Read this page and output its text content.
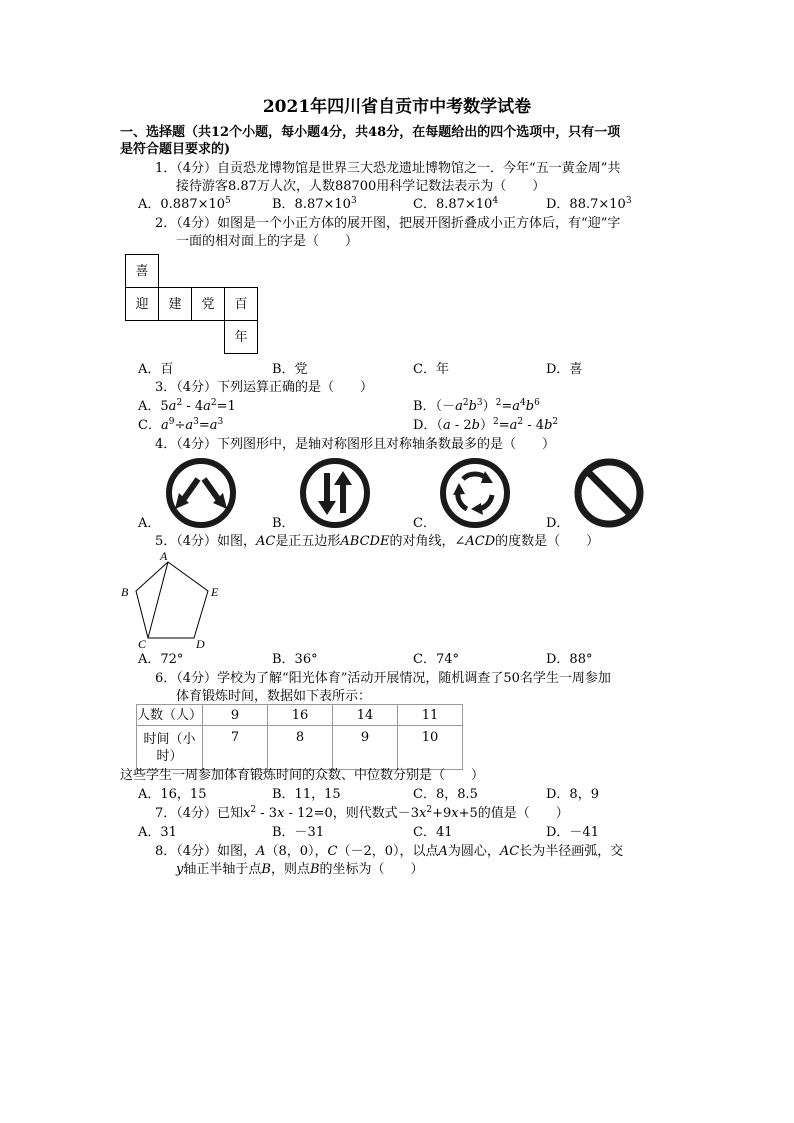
2021年四川省自贡市中考数学试卷
一、选择题（共12个小题，每小题4分，共48分，在每题给出的四个选项中，只有一项
是符合题目要求的)
1．（4分）自贡恐龙博物馆是世界三大恐龙遗址博物馆之一．今年“五一黄金周”共
接待游客8.87万人次，人数88700用科学记数法表示为（　　）
A．$0.887\times 10^5$	B．$8.87\times 10^3$	C．$8.87\times 10^4$	D．$88.7\times 10^3$
2．（4分）如图是一个小正方体的展开图，把展开图折叠成小正方体后，有“迎”字
一面的相对面上的字是（　　）
喜			
迎	建	党	百
			年
A．百	B．党	C．年	D．喜
3．（4分）下列运算正确的是（　　）
A．$5a^2 - 4a^2=1$	B．$(-a^2b^3)^2=a^4b^6$
C．$a^9\div a^3=a^3$	D．$(a - 2b)^2=a^2 - 4b^2$
4．（4分）下列图形中，是轴对称图形且对称轴条数最多的是（　　）
A．	B．	C．	D．
5．（4分）如图，AC是正五边形ABCDE的对角线，∠ACD的度数是（　　）
A
B	E
C	D
A．72°	B．36°	C．74°	D．88°
6．（4分）学校为了解“阳光体育”活动开展情况，随机调查了50名学生一周参加
体育锻炼时间，数据如下表所示：
人数（人）	9	16	14	11
时间（小
时）	7	8	9	10
这些学生一周参加体育锻炼时间的众数、中位数分别是（　　）
A．16，15	B．11，15	C．8，8.5	D．8，9
7．（4分）已知$x^2 - 3x - 12=0$，则代数式$-3x^2+9x+5$的值是（　　）
A．31	B．－31	C．41	D．－41
8．（4分）如图，A（8，0），C（－2，0），以点A为圆心，AC长为半径画弧，交
y轴正半轴于点B，则点B的坐标为（　　）
